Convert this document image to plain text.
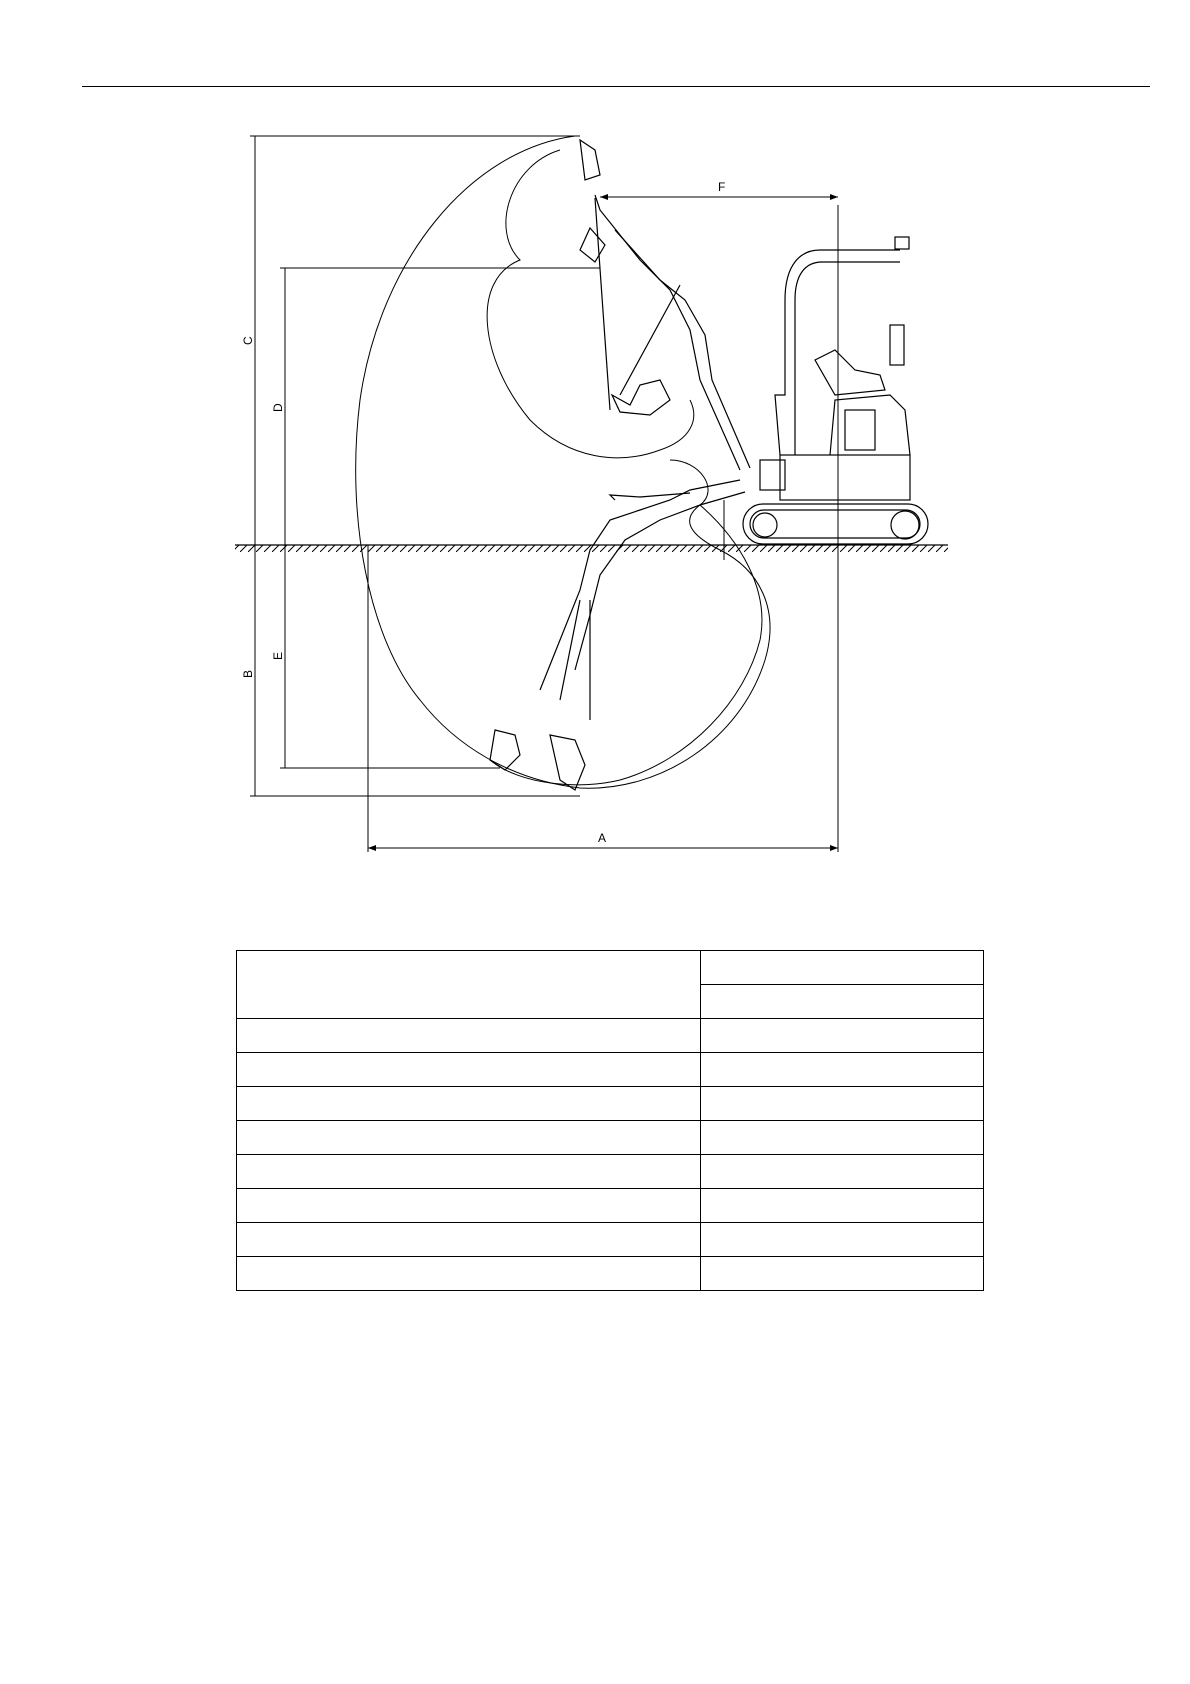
C
D
B
E
A
F
